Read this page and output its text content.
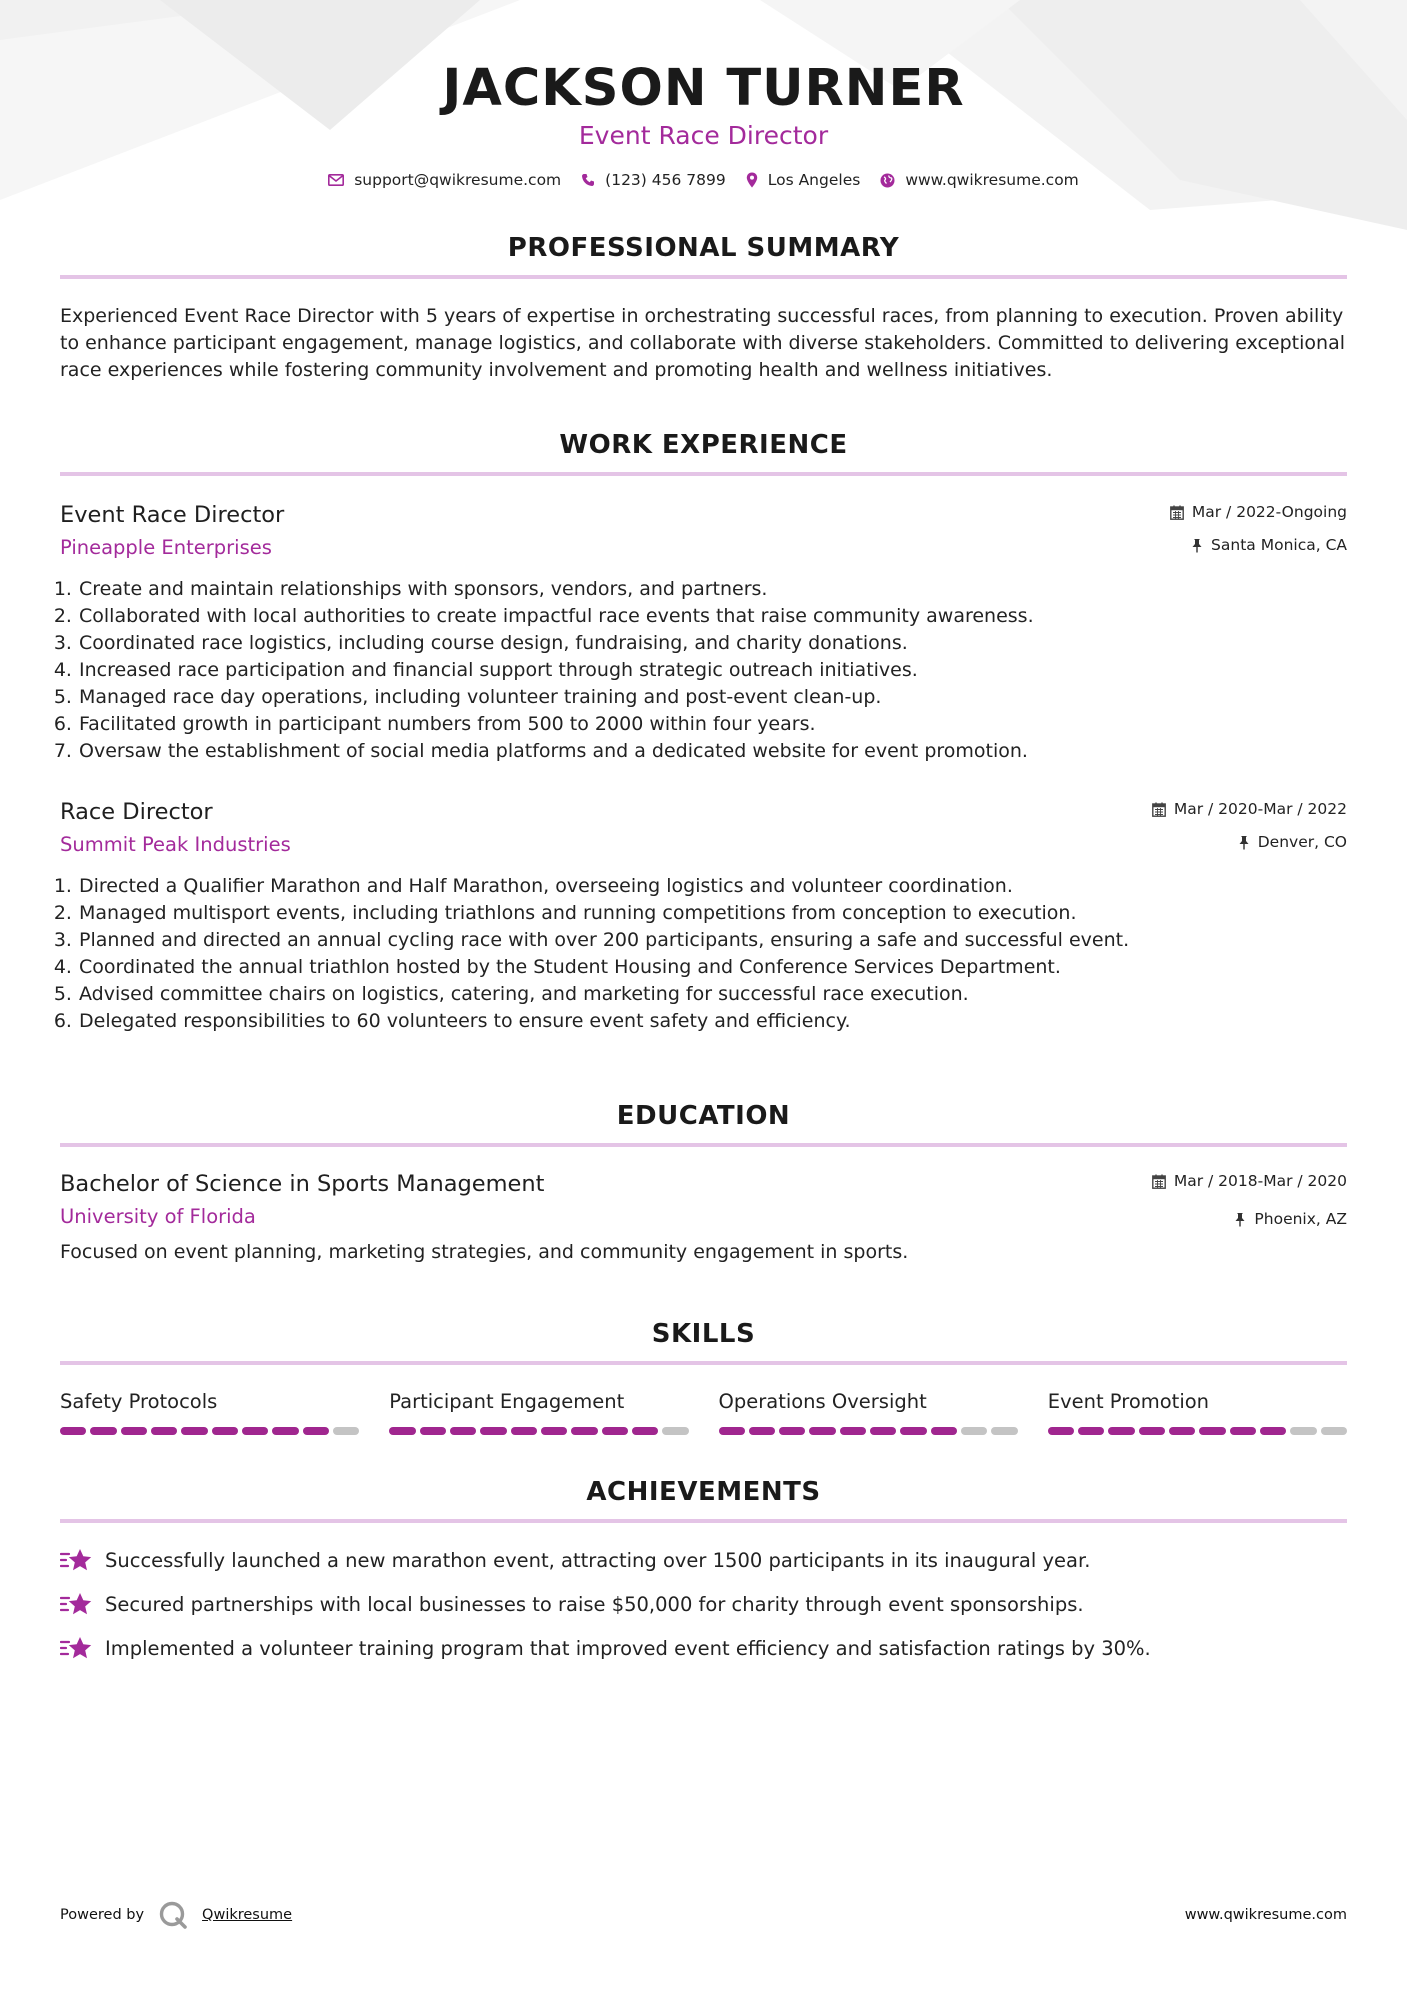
JACKSON TURNER
Event Race Director
support@qwikresume.com	(123) 456 7899	Los Angeles	www.qwikresume.com
PROFESSIONAL SUMMARY
Experienced Event Race Director with 5 years of expertise in orchestrating successful races, from planning to execution. Proven ability to enhance participant engagement, manage logistics, and collaborate with diverse stakeholders. Committed to delivering exceptional race experiences while fostering community involvement and promoting health and wellness initiatives.
WORK EXPERIENCE
Event Race Director
Pineapple Enterprises
Mar / 2022-Ongoing
Santa Monica, CA
1. Create and maintain relationships with sponsors, vendors, and partners.
2. Collaborated with local authorities to create impactful race events that raise community awareness.
3. Coordinated race logistics, including course design, fundraising, and charity donations.
4. Increased race participation and financial support through strategic outreach initiatives.
5. Managed race day operations, including volunteer training and post-event clean-up.
6. Facilitated growth in participant numbers from 500 to 2000 within four years.
7. Oversaw the establishment of social media platforms and a dedicated website for event promotion.
Race Director
Summit Peak Industries
Mar / 2020-Mar / 2022
Denver, CO
1. Directed a Qualifier Marathon and Half Marathon, overseeing logistics and volunteer coordination.
2. Managed multisport events, including triathlons and running competitions from conception to execution.
3. Planned and directed an annual cycling race with over 200 participants, ensuring a safe and successful event.
4. Coordinated the annual triathlon hosted by the Student Housing and Conference Services Department.
5. Advised committee chairs on logistics, catering, and marketing for successful race execution.
6. Delegated responsibilities to 60 volunteers to ensure event safety and efficiency.
EDUCATION
Bachelor of Science in Sports Management
University of Florida
Mar / 2018-Mar / 2020
Phoenix, AZ
Focused on event planning, marketing strategies, and community engagement in sports.
SKILLS
Safety Protocols	Participant Engagement	Operations Oversight	Event Promotion
ACHIEVEMENTS
Successfully launched a new marathon event, attracting over 1500 participants in its inaugural year.
Secured partnerships with local businesses to raise $50,000 for charity through event sponsorships.
Implemented a volunteer training program that improved event efficiency and satisfaction ratings by 30%.
Powered by	Qwikresume	www.qwikresume.com
